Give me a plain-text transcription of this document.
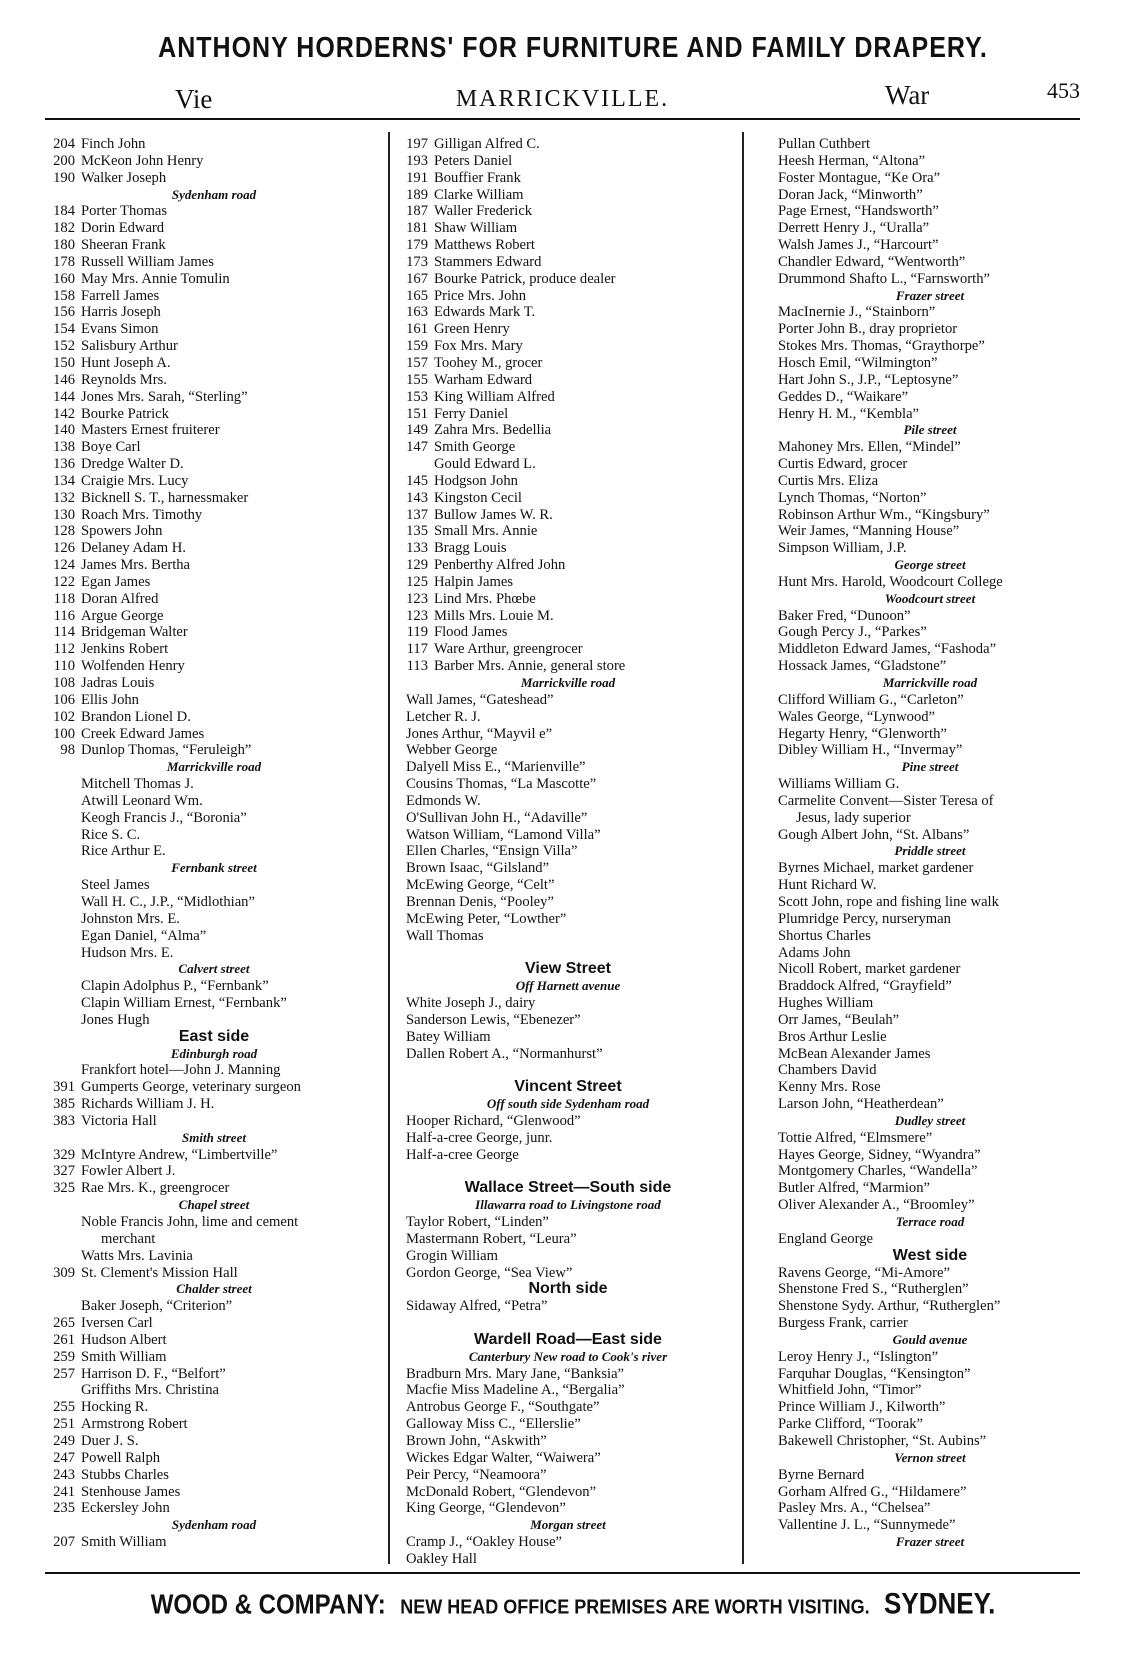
ANTHONY HORDERNS' FOR FURNITURE AND FAMILY DRAPERY.
Vie	MARRICKVILLE.	War	453
204 Finch John
200 McKeon John Henry
190 Walker Joseph
Sydenham road
184 Porter Thomas
182 Dorin Edward
180 Sheeran Frank
178 Russell William James
160 May Mrs. Annie Tomulin
158 Farrell James
156 Harris Joseph
154 Evans Simon
152 Salisbury Arthur
150 Hunt Joseph A.
146 Reynolds Mrs.
144 Jones Mrs. Sarah, “Sterling”
142 Bourke Patrick
140 Masters Ernest fruiterer
138 Boye Carl
136 Dredge Walter D.
134 Craigie Mrs. Lucy
132 Bicknell S. T., harnessmaker
130 Roach Mrs. Timothy
128 Spowers John
126 Delaney Adam H.
124 James Mrs. Bertha
122 Egan James
118 Doran Alfred
116 Argue George
114 Bridgeman Walter
112 Jenkins Robert
110 Wolfenden Henry
108 Jadras Louis
106 Ellis John
102 Brandon Lionel D.
100 Creek Edward James
98 Dunlop Thomas, “Feruleigh”
Marrickville road
Mitchell Thomas J.
Atwill Leonard Wm.
Keogh Francis J., “Boronia”
Rice S. C.
Rice Arthur E.
Fernbank street
Steel James
Wall H. C., J.P., “Midlothian”
Johnston Mrs. E.
Egan Daniel, “Alma”
Hudson Mrs. E.
Calvert street
Clapin Adolphus P., “Fernbank”
Clapin William Ernest, “Fernbank”
Jones Hugh
East side
Edinburgh road
Frankfort hotel—John J. Manning
391 Gumperts George, veterinary surgeon
385 Richards William J. H.
383 Victoria Hall
Smith street
329 McIntyre Andrew, “Limbertville”
327 Fowler Albert J.
325 Rae Mrs. K., greengrocer
Chapel street
Noble Francis John, lime and cement
merchant
Watts Mrs. Lavinia
309 St. Clement's Mission Hall
Chalder street
Baker Joseph, “Criterion”
265 Iversen Carl
261 Hudson Albert
259 Smith William
257 Harrison D. F., “Belfort”
Griffiths Mrs. Christina
255 Hocking R.
251 Armstrong Robert
249 Duer J. S.
247 Powell Ralph
243 Stubbs Charles
241 Stenhouse James
235 Eckersley John
Sydenham road
207 Smith William
197 Gilligan Alfred C.
193 Peters Daniel
191 Bouffier Frank
189 Clarke William
187 Waller Frederick
181 Shaw William
179 Matthews Robert
173 Stammers Edward
167 Bourke Patrick, produce dealer
165 Price Mrs. John
163 Edwards Mark T.
161 Green Henry
159 Fox Mrs. Mary
157 Toohey M., grocer
155 Warham Edward
153 King William Alfred
151 Ferry Daniel
149 Zahra Mrs. Bedellia
147 Smith George
Gould Edward L.
145 Hodgson John
143 Kingston Cecil
137 Bullow James W. R.
135 Small Mrs. Annie
133 Bragg Louis
129 Penberthy Alfred John
125 Halpin James
123 Lind Mrs. Phœbe
123 Mills Mrs. Louie M.
119 Flood James
117 Ware Arthur, greengrocer
113 Barber Mrs. Annie, general store
Marrickville road
Wall James, “Gateshead”
Letcher R. J.
Jones Arthur, “Mayvil e”
Webber George
Dalyell Miss E., “Marienville”
Cousins Thomas, “La Mascotte”
Edmonds W.
O'Sullivan John H., “Adaville”
Watson William, “Lamond Villa”
Ellen Charles, “Ensign Villa”
Brown Isaac, “Gilsland”
McEwing George, “Celt”
Brennan Denis, “Pooley”
McEwing Peter, “Lowther”
Wall Thomas
View Street
Off Harnett avenue
White Joseph J., dairy
Sanderson Lewis, “Ebenezer”
Batey William
Dallen Robert A., “Normanhurst”
Vincent Street
Off south side Sydenham road
Hooper Richard, “Glenwood”
Half-a-cree George, junr.
Half-a-cree George
Wallace Street—South side
Illawarra road to Livingstone road
Taylor Robert, “Linden”
Mastermann Robert, “Leura”
Grogin William
Gordon George, “Sea View”
North side
Sidaway Alfred, “Petra”
Wardell Road—East side
Canterbury New road to Cook's river
Bradburn Mrs. Mary Jane, “Banksia”
Macfie Miss Madeline A., “Bergalia”
Antrobus George F., “Southgate”
Galloway Miss C., “Ellerslie”
Brown John, “Askwith”
Wickes Edgar Walter, “Waiwera”
Peir Percy, “Neamoora”
McDonald Robert, “Glendevon”
King George, “Glendevon”
Morgan street
Cramp J., “Oakley House”
Oakley Hall
Pullan Cuthbert
Heesh Herman, “Altona”
Foster Montague, “Ke Ora”
Doran Jack, “Minworth”
Page Ernest, “Handsworth”
Derrett Henry J., “Uralla”
Walsh James J., “Harcourt”
Chandler Edward, “Wentworth”
Drummond Shafto L., “Farnsworth”
Frazer street
MacInernie J., “Stainborn”
Porter John B., dray proprietor
Stokes Mrs. Thomas, “Graythorpe”
Hosch Emil, “Wilmington”
Hart John S., J.P., “Leptosyne”
Geddes D., “Waikare”
Henry H. M., “Kembla”
Pile street
Mahoney Mrs. Ellen, “Mindel”
Curtis Edward, grocer
Curtis Mrs. Eliza
Lynch Thomas, “Norton”
Robinson Arthur Wm., “Kingsbury”
Weir James, “Manning House”
Simpson William, J.P.
George street
Hunt Mrs. Harold, Woodcourt College
Woodcourt street
Baker Fred, “Dunoon”
Gough Percy J., “Parkes”
Middleton Edward James, “Fashoda”
Hossack James, “Gladstone”
Marrickville road
Clifford William G., “Carleton”
Wales George, “Lynwood”
Hegarty Henry, “Glenworth”
Dibley William H., “Invermay”
Pine street
Williams William G.
Carmelite Convent—Sister Teresa of
Jesus, lady superior
Gough Albert John, “St. Albans”
Priddle street
Byrnes Michael, market gardener
Hunt Richard W.
Scott John, rope and fishing line walk
Plumridge Percy, nurseryman
Shortus Charles
Adams John
Nicoll Robert, market gardener
Braddock Alfred, “Grayfield”
Hughes William
Orr James, “Beulah”
Bros Arthur Leslie
McBean Alexander James
Chambers David
Kenny Mrs. Rose
Larson John, “Heatherdean”
Dudley street
Tottie Alfred, “Elmsmere”
Hayes George, Sidney, “Wyandra”
Montgomery Charles, “Wandella”
Butler Alfred, “Marmion”
Oliver Alexander A., “Broomley”
Terrace road
England George
West side
Ravens George, “Mi-Amore”
Shenstone Fred S., “Rutherglen”
Shenstone Sydy. Arthur, “Rutherglen”
Burgess Frank, carrier
Gould avenue
Leroy Henry J., “Islington”
Farquhar Douglas, “Kensington”
Whitfield John, “Timor”
Prince William J., Kilworth”
Parke Clifford, “Toorak”
Bakewell Christopher, “St. Aubins”
Vernon street
Byrne Bernard
Gorham Alfred G., “Hildamere”
Pasley Mrs. A., “Chelsea”
Vallentine J. L., “Sunnymede”
Frazer street
WOOD & COMPANY: NEW HEAD OFFICE PREMISES ARE WORTH VISITING. SYDNEY.
